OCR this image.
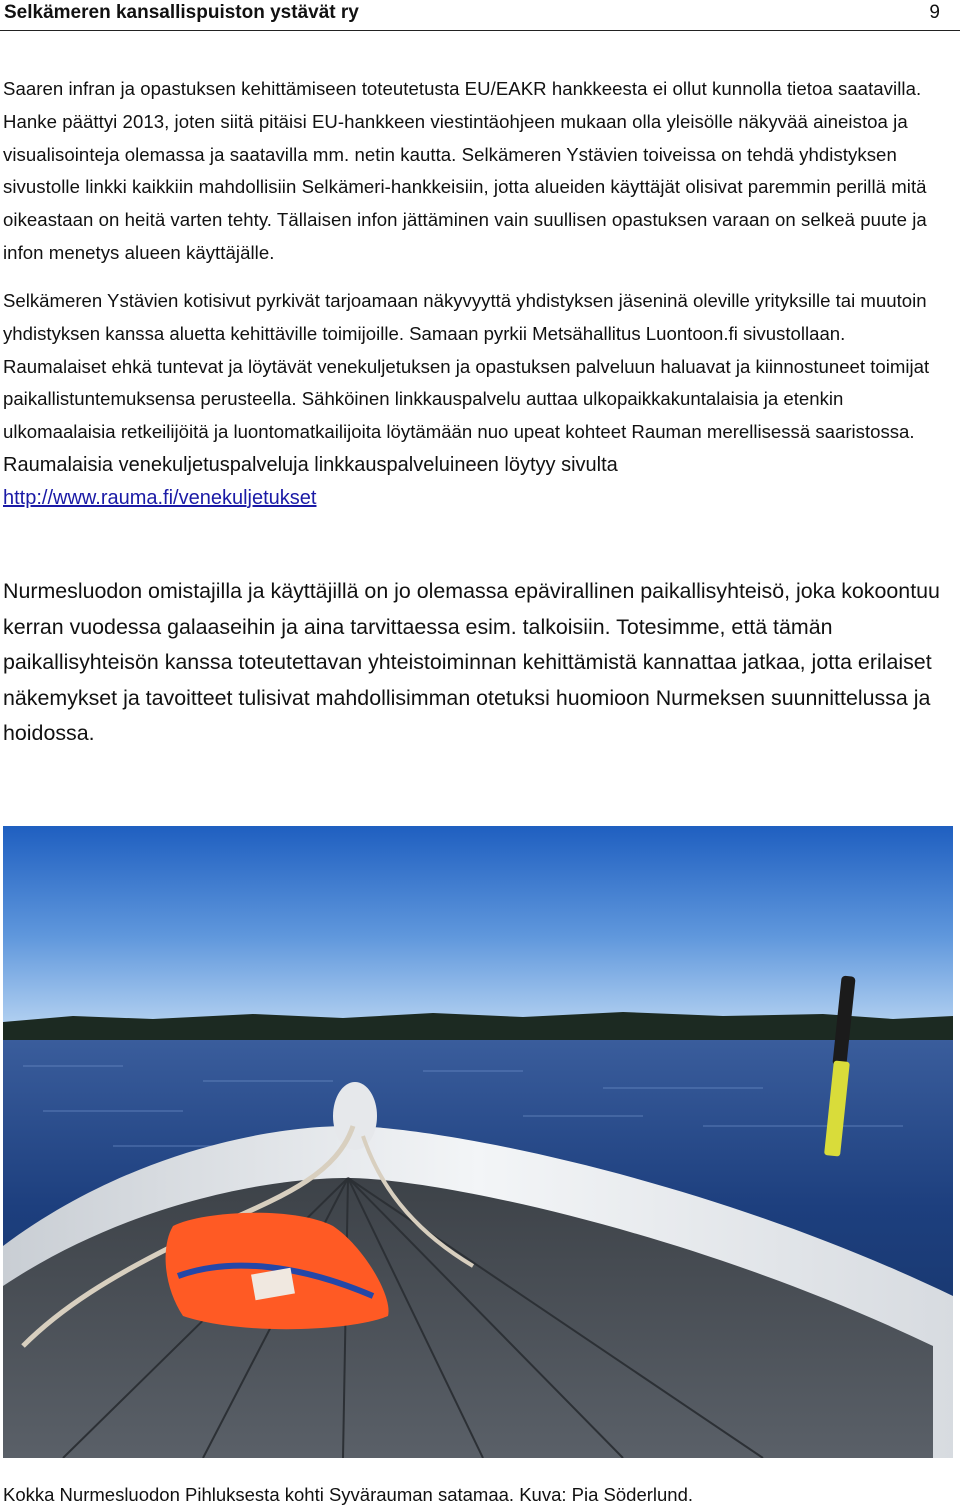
Selkämeren kansallispuiston ystävät ry	9

Saaren infran ja opastuksen kehittämiseen toteutetusta EU/EAKR hankkeesta ei ollut kunnolla tietoa saatavilla. Hanke päättyi 2013, joten siitä pitäisi EU-hankkeen viestintäohjeen mukaan olla yleisölle näkyvää aineistoa ja visualisointeja olemassa ja saatavilla mm. netin kautta. Selkämeren Ystävien toiveissa on tehdä yhdistyksen sivustolle linkki kaikkiin mahdollisiin Selkämeri-hankkeisiin, jotta alueiden käyttäjät olisivat paremmin perillä mitä oikeastaan on heitä varten tehty. Tällaisen infon jättäminen vain suullisen opastuksen varaan on selkeä puute ja infon menetys alueen käyttäjälle.

Selkämeren Ystävien kotisivut pyrkivät tarjoamaan näkyvyyttä yhdistyksen jäseninä oleville yrityksille tai muutoin yhdistyksen kanssa aluetta kehittäville toimijoille. Samaan pyrkii Metsähallitus Luontoon.fi sivustollaan. Raumalaiset ehkä tuntevat ja löytävät venekuljetuksen ja opastuksen palveluun haluavat ja kiinnostuneet toimijat paikallistuntemuksensa perusteella. Sähköinen linkkauspalvelu auttaa ulkopaikkakuntalaisia ja etenkin ulkomaalaisia retkeilijöitä ja luontomatkailijoita löytämään nuo upeat kohteet Rauman merellisessä saaristossa. Raumalaisia venekuljetuspalveluja linkkauspalveluineen löytyy sivulta
http://www.rauma.fi/venekuljetukset

Nurmesluodon omistajilla ja käyttäjillä on jo olemassa epävirallinen paikallisyhteisö, joka kokoontuu kerran vuodessa galaaseihin ja aina tarvittaessa esim. talkoisiin. Totesimme, että tämän paikallisyhteisön kanssa toteutettavan yhteistoiminnan kehittämistä kannattaa jatkaa, jotta erilaiset näkemykset ja tavoitteet tulisivat mahdollisimman otetuksi huomioon Nurmeksen suunnittelussa ja hoidossa.

Kokka Nurmesluodon Pihluksesta kohti Syvärauman satamaa. Kuva: Pia Söderlund.
